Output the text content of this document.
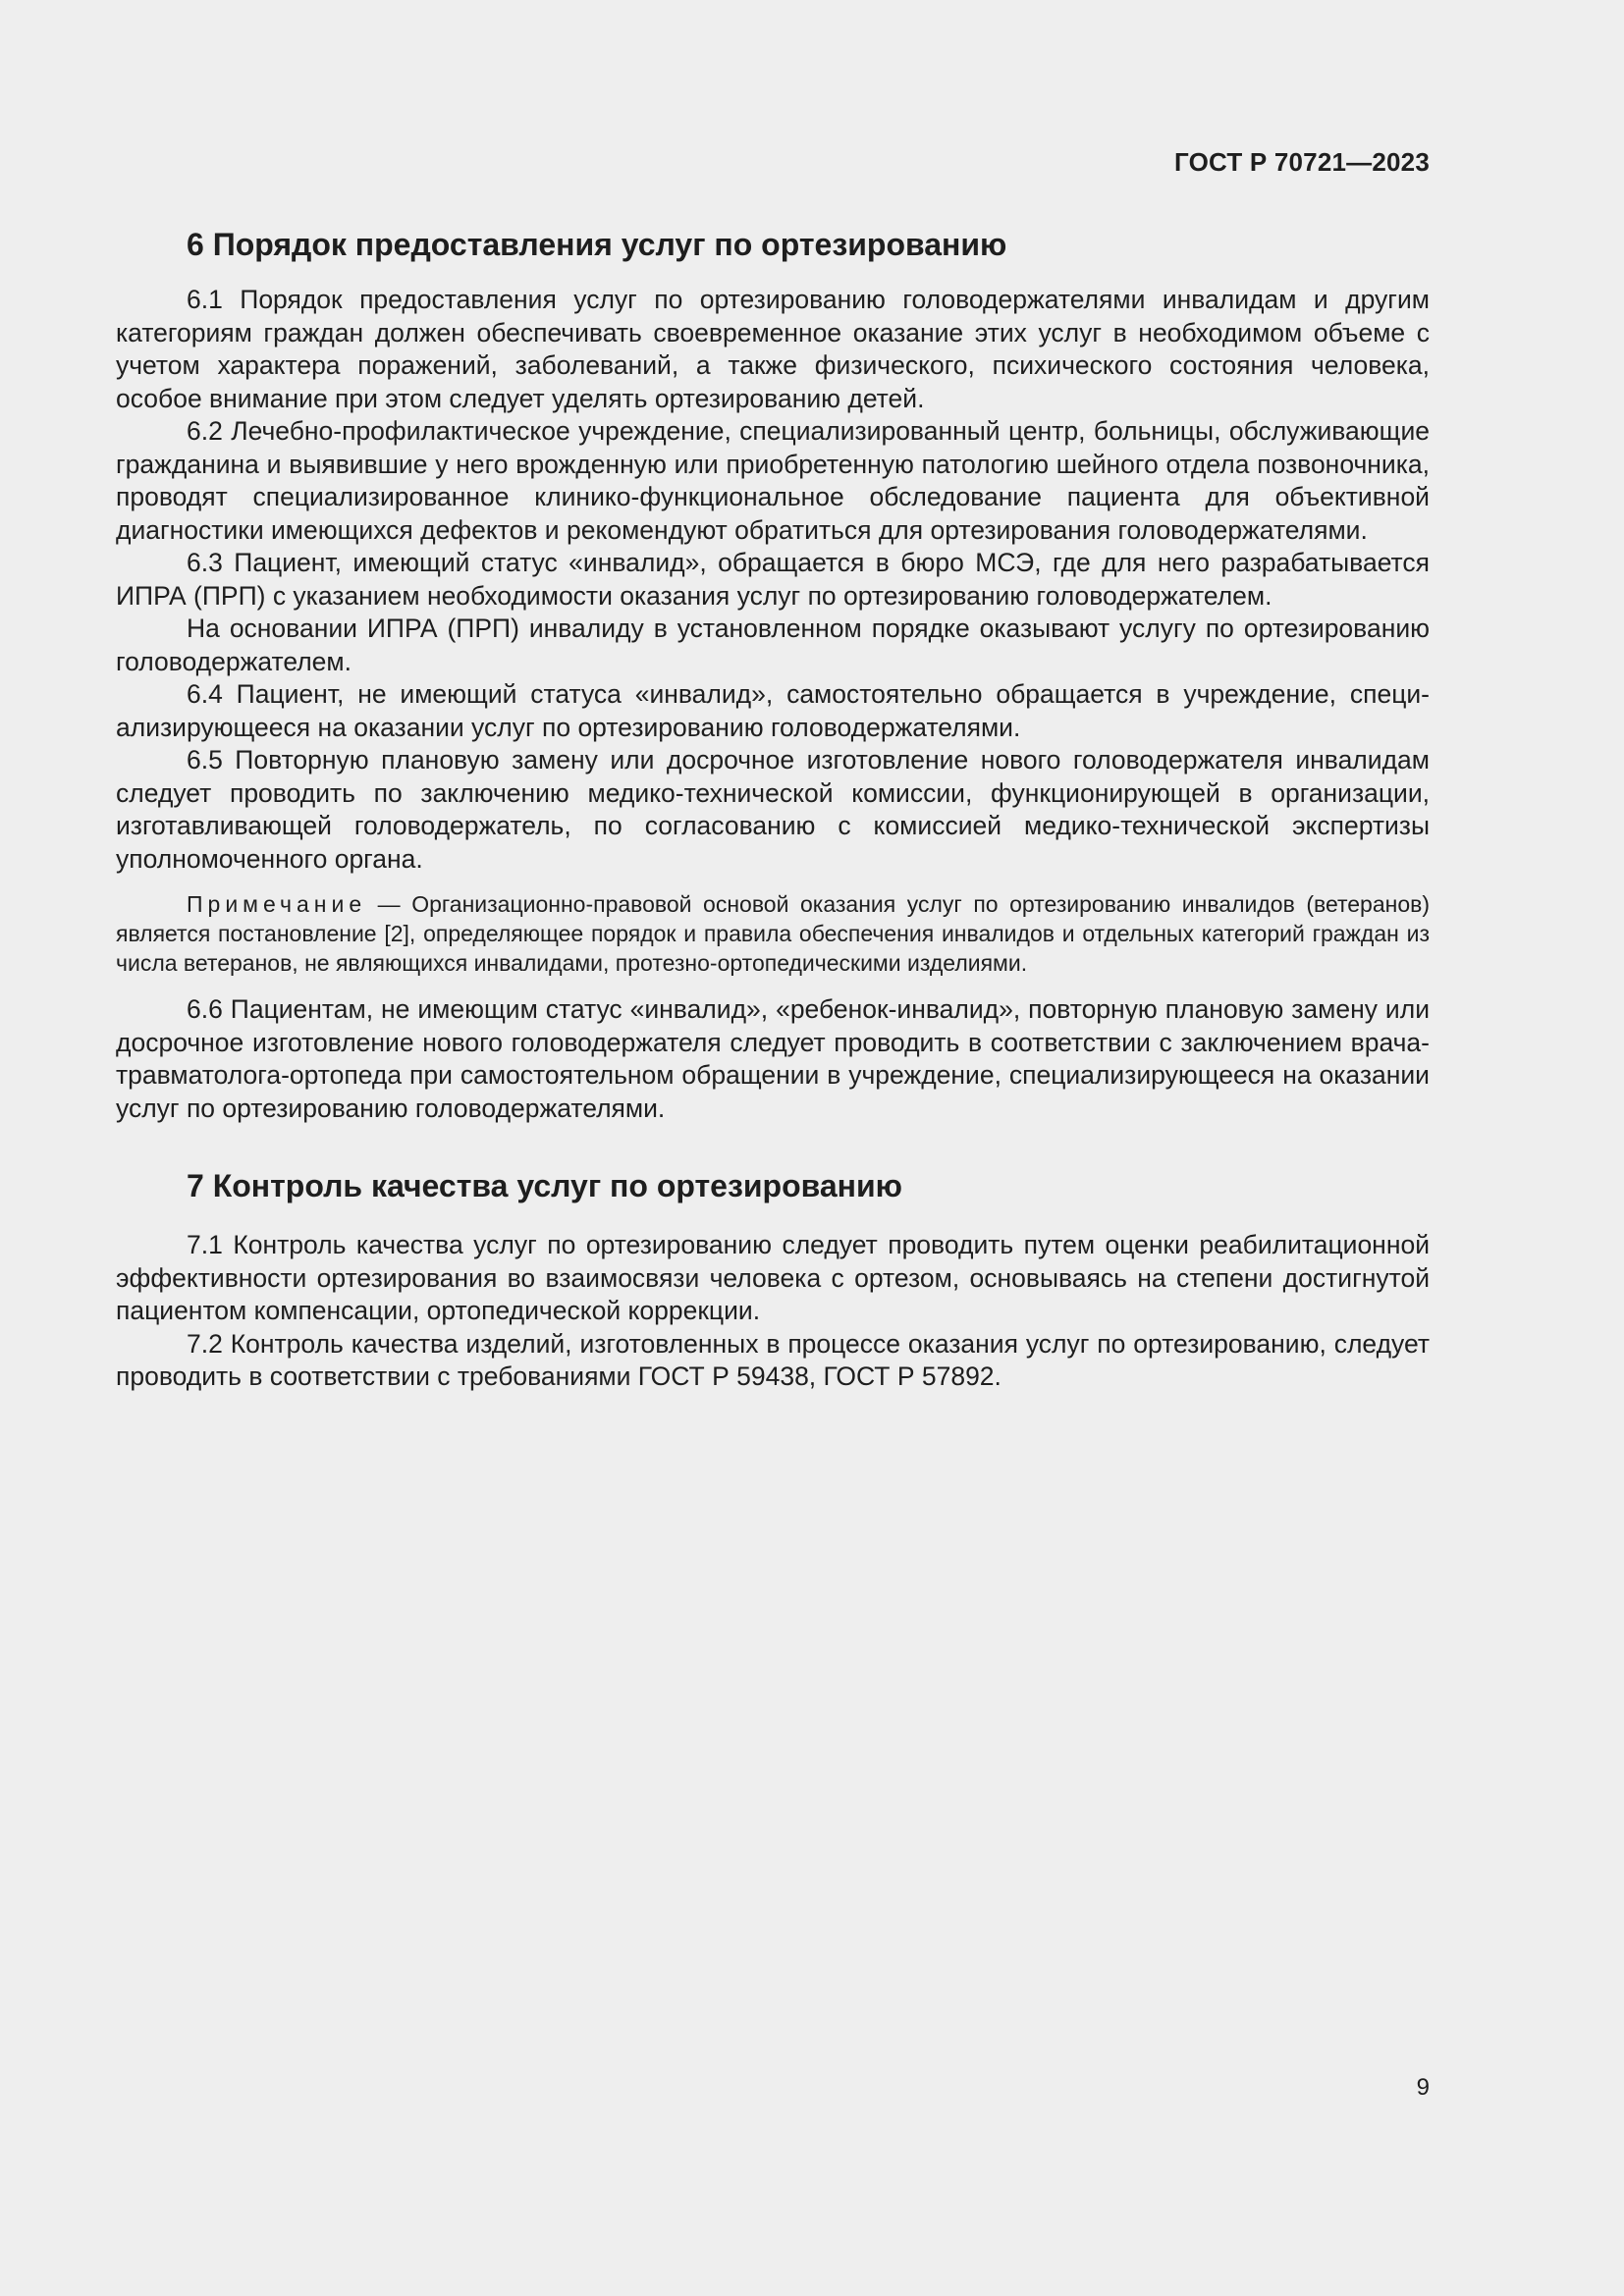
ГОСТ Р 70721—2023
6 Порядок предоставления услуг по ортезированию

6.1 Порядок предоставления услуг по ортезированию головодержателями инвалидам и другим категориям граждан должен обеспечивать своевременное оказание этих услуг в необходимом объеме с учетом характера поражений, заболеваний, а также физического, психического состояния человека, особое внимание при этом следует уделять ортезированию детей.

6.2 Лечебно-профилактическое учреждение, специализированный центр, больницы, обслуживающие гражданина и выявившие у него врожденную или приобретенную патологию шейного отдела позвоночника, проводят специализированное клинико-функциональное обследование пациента для объективной диагностики имеющихся дефектов и рекомендуют обратиться для ортезирования головодержателями.

6.3 Пациент, имеющий статус «инвалид», обращается в бюро МСЭ, где для него разрабатывается ИПРА (ПРП) с указанием необходимости оказания услуг по ортезированию головодержателем.

На основании ИПРА (ПРП) инвалиду в установленном порядке оказывают услугу по ортезированию головодержателем.

6.4 Пациент, не имеющий статуса «инвалид», самостоятельно обращается в учреждение, специализирующееся на оказании услуг по ортезированию головодержателями.

6.5 Повторную плановую замену или досрочное изготовление нового головодержателя инвалидам следует проводить по заключению медико-технической комиссии, функционирующей в организации, изготавливающей головодержатель, по согласованию с комиссией медико-технической экспертизы уполномоченного органа.

Примечание — Организационно-правовой основой оказания услуг по ортезированию инвалидов (ветеранов) является постановление [2], определяющее порядок и правила обеспечения инвалидов и отдельных категорий граждан из числа ветеранов, не являющихся инвалидами, протезно-ортопедическими изделиями.

6.6 Пациентам, не имеющим статус «инвалид», «ребенок-инвалид», повторную плановую замену или досрочное изготовление нового головодержателя следует проводить в соответствии с заключением врача-травматолога-ортопеда при самостоятельном обращении в учреждение, специализирующееся на оказании услуг по ортезированию головодержателями.

7 Контроль качества услуг по ортезированию

7.1 Контроль качества услуг по ортезированию следует проводить путем оценки реабилитационной эффективности ортезирования во взаимосвязи человека с ортезом, основываясь на степени достигнутой пациентом компенсации, ортопедической коррекции.

7.2 Контроль качества изделий, изготовленных в процессе оказания услуг по ортезированию, следует проводить в соответствии с требованиями ГОСТ Р 59438, ГОСТ Р 57892.

9
